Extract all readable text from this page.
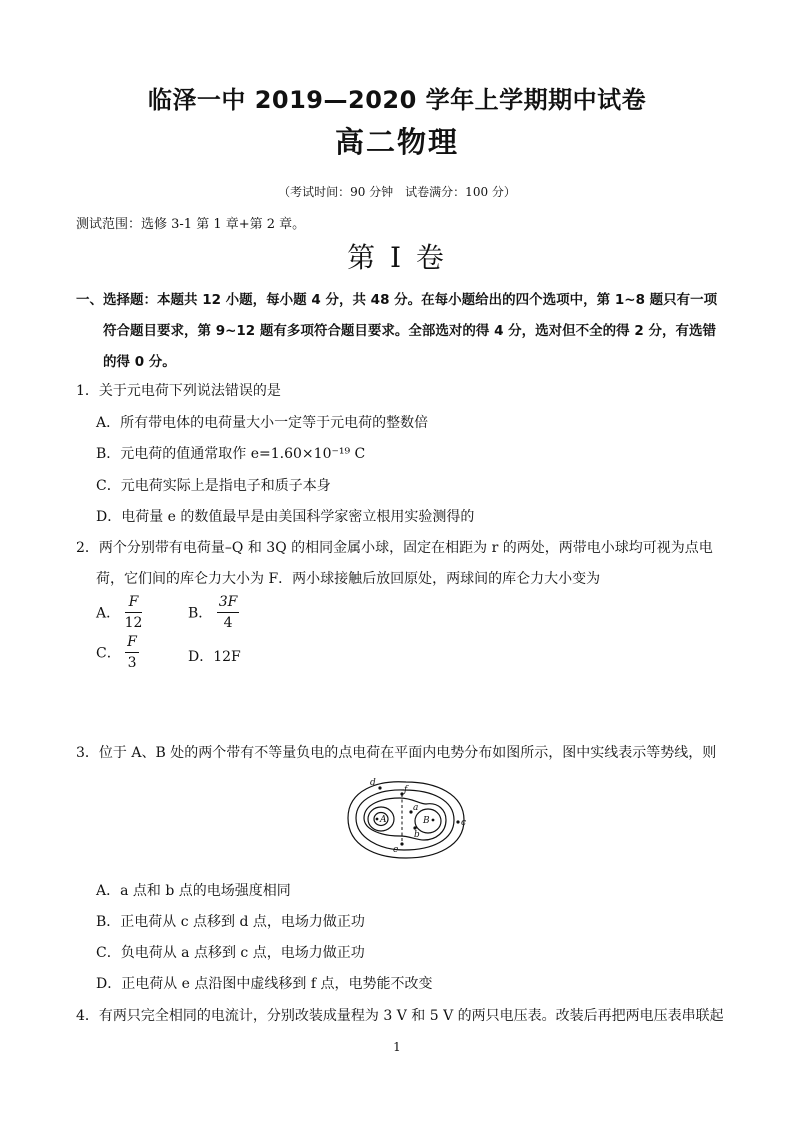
临泽一中 2019—2020 学年上学期期中试卷
高二物理
（考试时间：90 分钟　试卷满分：100 分）
测试范围：选修 3-1 第 1 章+第 2 章。
第 I 卷
一、选择题：本题共 12 小题，每小题 4 分，共 48 分。在每小题给出的四个选项中，第 1~8 题只有一项
符合题目要求，第 9~12 题有多项符合题目要求。全部选对的得 4 分，选对但不全的得 2 分，有选错
的得 0 分。
1．关于元电荷下列说法错误的是
A．所有带电体的电荷量大小一定等于元电荷的整数倍
B．元电荷的值通常取作 e=1.60×10⁻¹⁹ C
C．元电荷实际上是指电子和质子本身
D．电荷量 e 的数值最早是由美国科学家密立根用实验测得的
2．两个分别带有电荷量–Q 和 3Q 的相同金属小球，固定在相距为 r 的两处，两带电小球均可视为点电
荷，它们间的库仑力大小为 F．两小球接触后放回原处，两球间的库仑力大小变为
A． $\frac{F}{12}$	B． $\frac{3F}{4}$
C． $\frac{F}{3}$	D．12F
3．位于 A、B 处的两个带有不等量负电的点电荷在平面内电势分布如图所示，图中实线表示等势线，则
d
f
a
b
c
e
A	B
A．a 点和 b 点的电场强度相同
B．正电荷从 c 点移到 d 点，电场力做正功
C．负电荷从 a 点移到 c 点，电场力做正功
D．正电荷从 e 点沿图中虚线移到 f 点，电势能不改变
4．有两只完全相同的电流计，分别改装成量程为 3 V 和 5 V 的两只电压表。改装后再把两电压表串联起
1
